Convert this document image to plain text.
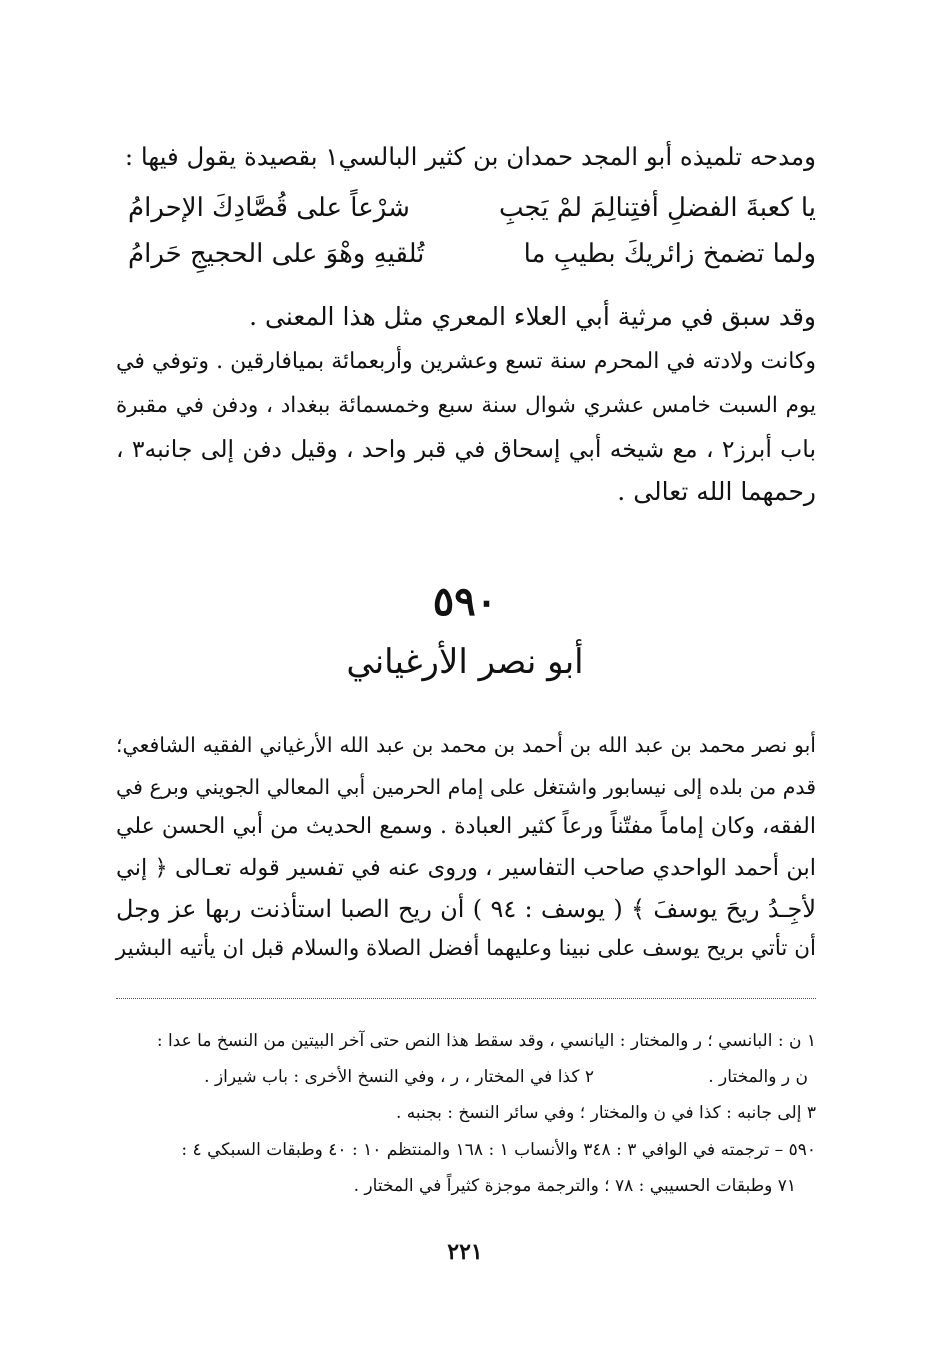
ومدحه تلميذه أبو المجد حمدان بن كثير البالسي١ بقصيدة يقول فيها :
يا كعبةَ الفضلِ أفتِنالِمَ لمْ يَجبِ
شرْعاً على قُصَّادِكَ الإحرامُ
ولما تضمخ زائريكَ بطيبِ ما
تُلقيهِ وهْوَ على الحجيجِ حَرامُ
وقد سبق في مرثية أبي العلاء المعري مثل هذا المعنى .
وكانت ولادته في المحرم سنة تسع وعشرين وأربعمائة بميافارقين . وتوفي في
يوم السبت خامس عشري شوال سنة سبع وخمسمائة ببغداد ، ودفن في مقبرة
باب أبرز٢ ، مع شيخه أبي إسحاق في قبر واحد ، وقيل دفن إلى جانبه٣ ،
رحمهما الله تعالى .
٥٩٠
أبو نصر الأرغياني
أبو نصر محمد بن عبد الله بن أحمد بن محمد بن عبد الله الأرغياني الفقيه الشافعي؛
قدم من بلده إلى نيسابور واشتغل على إمام الحرمين أبي المعالي الجويني وبرع في
الفقه، وكان إماماً مفتّناً ورعاً كثير العبادة . وسمع الحديث من أبي الحسن علي
ابن أحمد الواحدي صاحب التفاسير ، وروى عنه في تفسير قوله تعـالى ﴿ إني
لأجِـدُ ريحَ يوسفَ ﴾ ( يوسف : ٩٤ ) أن ريح الصبا استأذنت ربها عز وجل
أن تأتي بريح يوسف على نبينا وعليهما أفضل الصلاة والسلام قبل ان يأتيه البشير
١ ن : البانسي ؛ ر والمختار : اليانسي ، وقد سقط هذا النص حتى آخر البيتين من النسخ ما عدا :
ن ر والمختار .
٢ كذا في المختار ، ر ، وفي النسخ الأخرى : باب شيراز .
٣ إلى جانبه : كذا في ن والمختار ؛ وفي سائر النسخ : بجنبه .
٥٩٠ – ترجمته في الوافي ٣ : ٣٤٨ والأنساب ١ : ١٦٨ والمنتظم ١٠ : ٤٠ وطبقات السبكي ٤ :
٧١ وطبقات الحسيبي : ٧٨ ؛ والترجمة موجزة كثيراً في المختار .
٢٢١
